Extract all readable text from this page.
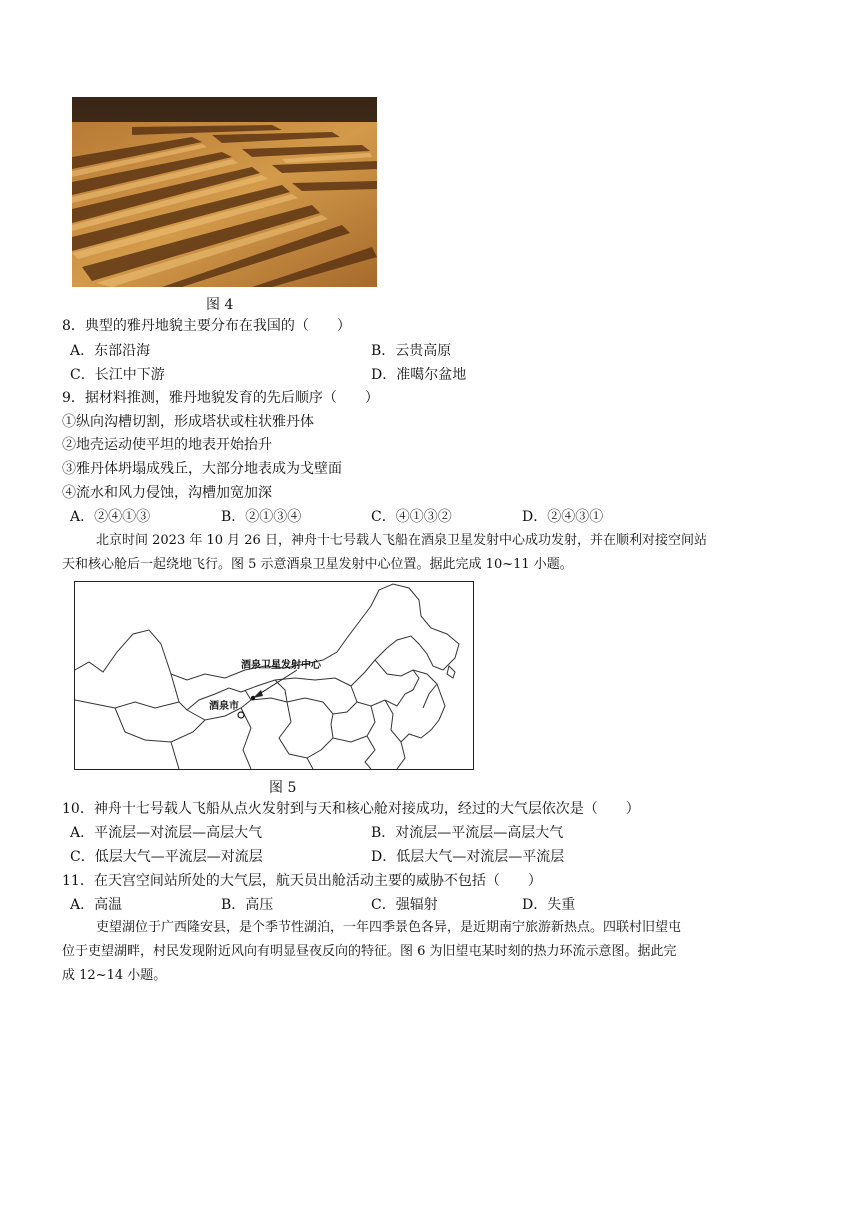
图 4
8．典型的雅丹地貌主要分布在我国的（　　）
A．东部沿海	B．云贵高原
C．长江中下游	D．准噶尔盆地
9．据材料推测，雅丹地貌发育的先后顺序（　　）
①纵向沟槽切割，形成塔状或柱状雅丹体
②地壳运动使平坦的地表开始抬升
③雅丹体坍塌成残丘，大部分地表成为戈壁面
④流水和风力侵蚀，沟槽加宽加深
A．②④①③	B．②①③④	C．④①③②	D．②④③①
北京时间 2023 年 10 月 26 日，神舟十七号载人飞船在酒泉卫星发射中心成功发射，并在顺利对接空间站
天和核心舱后一起绕地飞行。图 5 示意酒泉卫星发射中心位置。据此完成 10~11 小题。
酒泉卫星发射中心
酒泉市
图 5
10．神舟十七号载人飞船从点火发射到与天和核心舱对接成功，经过的大气层依次是（　　）
A．平流层—对流层—高层大气	B．对流层—平流层—高层大气
C．低层大气—平流层—对流层	D．低层大气—对流层—平流层
11．在天宫空间站所处的大气层，航天员出舱活动主要的威胁不包括（　　）
A．高温	B．高压	C．强辐射	D．失重
吏望湖位于广西隆安县，是个季节性湖泊，一年四季景色各异，是近期南宁旅游新热点。四联村旧望屯
位于吏望湖畔，村民发现附近风向有明显昼夜反向的特征。图 6 为旧望屯某时刻的热力环流示意图。据此完
成 12~14 小题。
